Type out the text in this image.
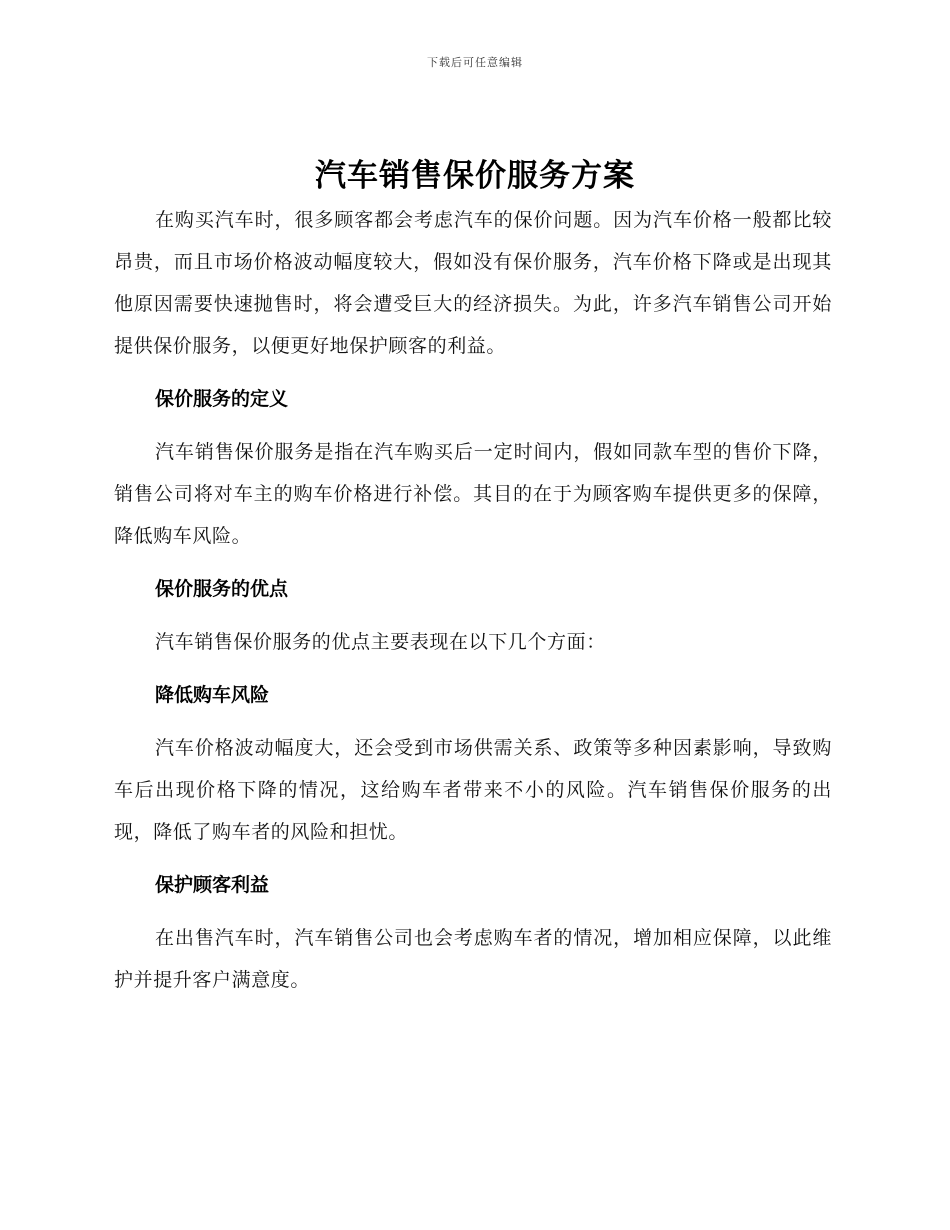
下载后可任意编辑
汽车销售保价服务方案

在购买汽车时，很多顾客都会考虑汽车的保价问题。因为汽车价格一般都比较昂贵，而且市场价格波动幅度较大，假如没有保价服务，汽车价格下降或是出现其他原因需要快速抛售时，将会遭受巨大的经济损失。为此，许多汽车销售公司开始提供保价服务，以便更好地保护顾客的利益。

保价服务的定义

汽车销售保价服务是指在汽车购买后一定时间内，假如同款车型的售价下降，销售公司将对车主的购车价格进行补偿。其目的在于为顾客购车提供更多的保障，降低购车风险。

保价服务的优点

汽车销售保价服务的优点主要表现在以下几个方面：

降低购车风险

汽车价格波动幅度大，还会受到市场供需关系、政策等多种因素影响，导致购车后出现价格下降的情况，这给购车者带来不小的风险。汽车销售保价服务的出现，降低了购车者的风险和担忧。

保护顾客利益

在出售汽车时，汽车销售公司也会考虑购车者的情况，增加相应保障，以此维护并提升客户满意度。
